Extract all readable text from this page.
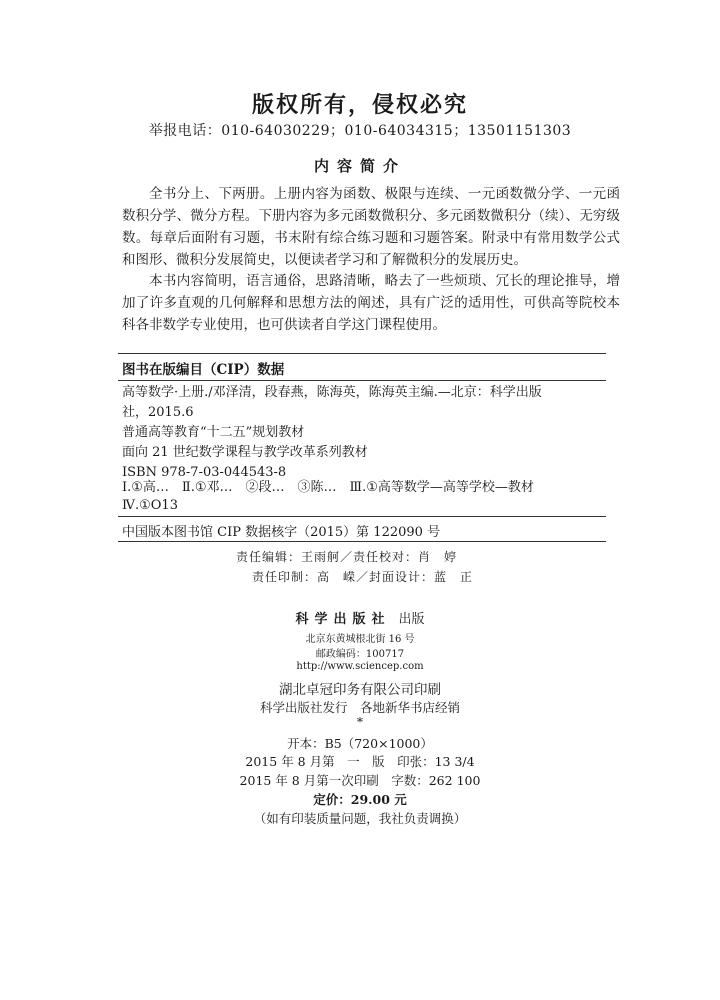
版权所有，侵权必究
举报电话：010-64030229；010-64034315；13501151303
内容简介
全书分上、下两册。上册内容为函数、极限与连续、一元函数微分学、一元函数积分学、微分方程。下册内容为多元函数微积分、多元函数微积分（续）、无穷级数。每章后面附有习题，书末附有综合练习题和习题答案。附录中有常用数学公式和图形、微积分发展简史，以便读者学习和了解微积分的发展历史。
本书内容简明，语言通俗，思路清晰，略去了一些烦琐、冗长的理论推导，增加了许多直观的几何解释和思想方法的阐述，具有广泛的适用性，可供高等院校本科各非数学专业使用，也可供读者自学这门课程使用。
图书在版编目（CIP）数据
高等数学·上册./邓泽清，段春燕，陈海英，陈海英主编.—北京：科学出版
社，2015.6
普通高等教育“十二五”规划教材
面向 21 世纪数学课程与教学改革系列教材
ISBN 978-7-03-044543-8
Ⅰ.①高…　Ⅱ.①邓…　②段…　③陈…　Ⅲ.①高等数学—高等学校—教材
Ⅳ.①O13
中国版本图书馆 CIP 数据核字（2015）第 122090 号
责任编辑：王雨舸／责任校对：肖　婷
责任印制：高　嵘／封面设计：蓝　正
科学出版社 出版
北京东黄城根北街 16 号
邮政编码：100717
http://www.sciencep.com
湖北卓冠印务有限公司印刷
科学出版社发行　各地新华书店经销
*
开本：B5（720×1000）
2015 年 8 月第　一　版　印张：13 3/4
2015 年 8 月第一次印刷　字数：262 100
定价：29.00 元
（如有印装质量问题，我社负责调换）
